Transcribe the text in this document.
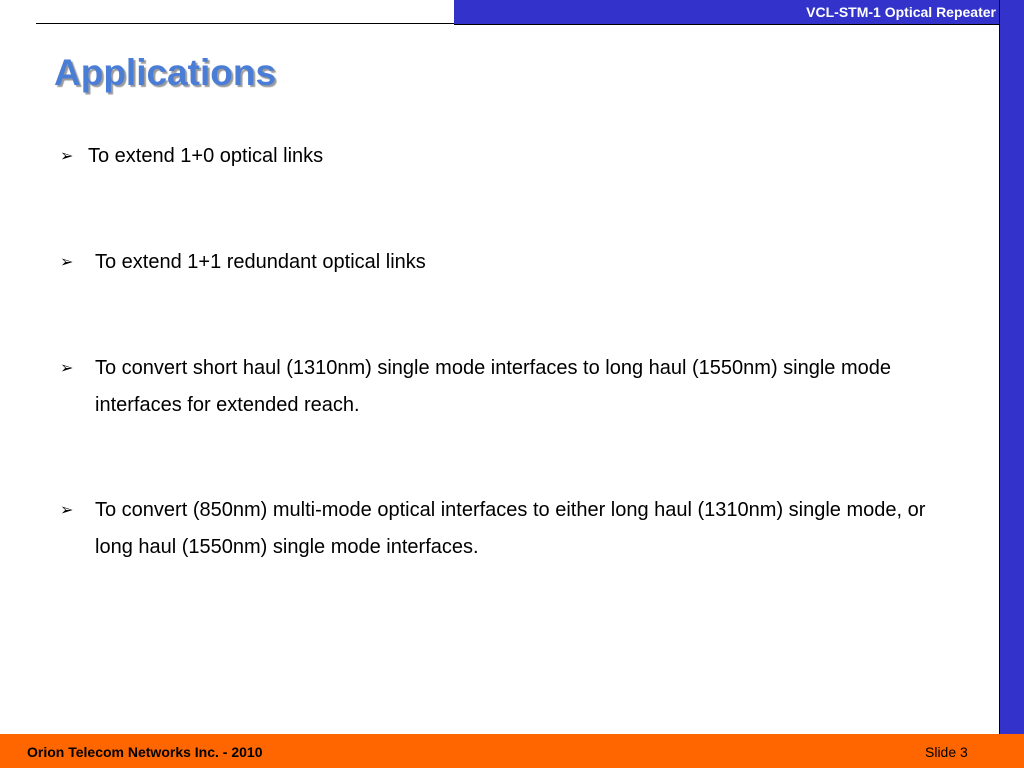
VCL-STM-1 Optical Repeater
Applications
➢ To extend 1+0 optical links
➢ To extend 1+1 redundant optical links
➢ To convert short haul (1310nm) single mode interfaces to long haul (1550nm) single mode interfaces for extended reach.
➢ To convert (850nm) multi-mode optical interfaces to either long haul (1310nm) single mode, or long haul (1550nm) single mode interfaces.
Orion Telecom Networks Inc. - 2010	Slide 3
